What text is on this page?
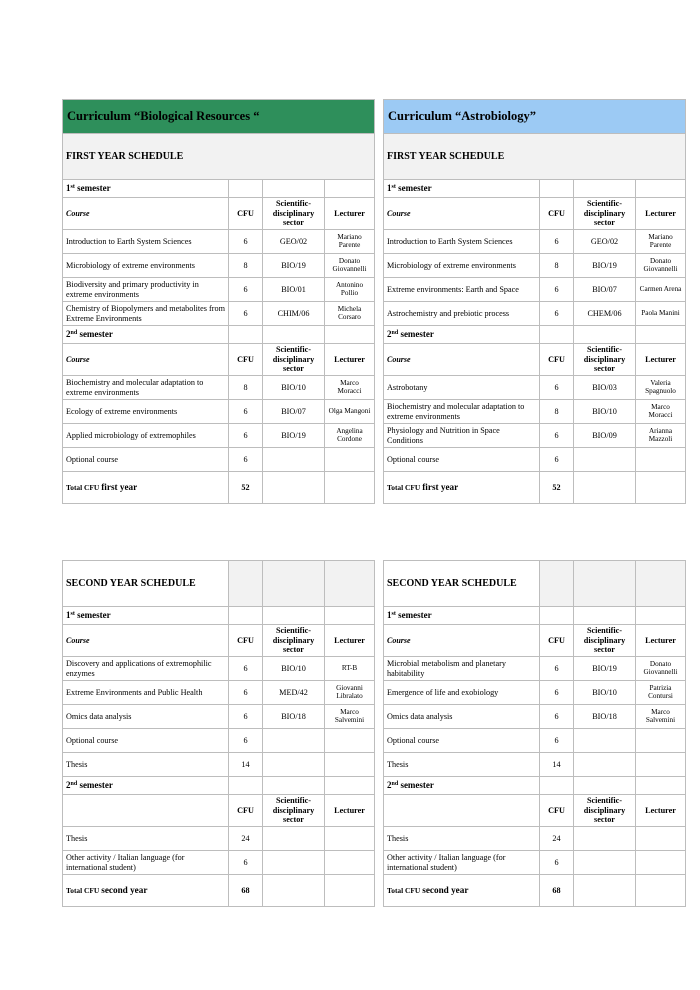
Curriculum “Biological Resources “			
FIRST YEAR SCHEDULE			
1st semester			
Course	CFU	Scientific-disciplinary sector	Lecturer
Introduction to Earth System Sciences	6	GEO/02	Mariano Parente
Microbiology of extreme environments	8	BIO/19	Donato Giovannelli
Biodiversity and primary productivity in extreme environments	6	BIO/01	Antonino Pollio
Chemistry of Biopolymers and metabolites from Extreme Environments	6	CHIM/06	Michela Corsaro
2nd semester			
Course	CFU	Scientific-disciplinary sector	Lecturer
Biochemistry and molecular adaptation to extreme environments	8	BIO/10	Marco Moracci
Ecology of extreme environments	6	BIO/07	Olga Mangoni
Applied microbiology of extremophiles	6	BIO/19	Angelina Cordone
Optional course	6		
Total CFU first year	52		
Curriculum “Astrobiology”			
FIRST YEAR SCHEDULE			
1st semester			
Course	CFU	Scientific-disciplinary sector	Lecturer
Introduction to Earth System Sciences	6	GEO/02	Mariano Parente
Microbiology of extreme environments	8	BIO/19	Donato Giovannelli
Extreme environments: Earth and Space	6	BIO/07	Carmen Arena
Astrochemistry and prebiotic process	6	CHEM/06	Paola Manini
2nd semester			
Course	CFU	Scientific-disciplinary sector	Lecturer
Astrobotany	6	BIO/03	Valeria Spagnuolo
Biochemistry and molecular adaptation to extreme environments	8	BIO/10	Marco Moracci
Physiology and Nutrition in Space Conditions	6	BIO/09	Arianna Mazzoli
Optional course	6		
Total CFU first year	52		
SECOND YEAR SCHEDULE			
1st semester			
Course	CFU	Scientific-disciplinary sector	Lecturer
Discovery and applications of extremophilic enzymes	6	BIO/10	RT-B
Extreme Environments and Public Health	6	MED/42	Giovanni Libralato
Omics data analysis	6	BIO/18	Marco Salvemini
Optional course	6		
Thesis	14		
2nd semester			
	CFU	Scientific-disciplinary sector	Lecturer
Thesis	24		
Other activity / Italian language (for international student)	6		
Total CFU second year	68		
SECOND YEAR SCHEDULE			
1st semester			
Course	CFU	Scientific-disciplinary sector	Lecturer
Microbial metabolism and planetary habitability	6	BIO/19	Donato Giovannelli
Emergence of life and exobiology	6	BIO/10	Patrizia Contursi
Omics data analysis	6	BIO/18	Marco Salvemini
Optional course	6		
Thesis	14		
2nd semester			
	CFU	Scientific-disciplinary sector	Lecturer
Thesis	24		
Other activity / Italian language (for international student)	6		
Total CFU second year	68		
